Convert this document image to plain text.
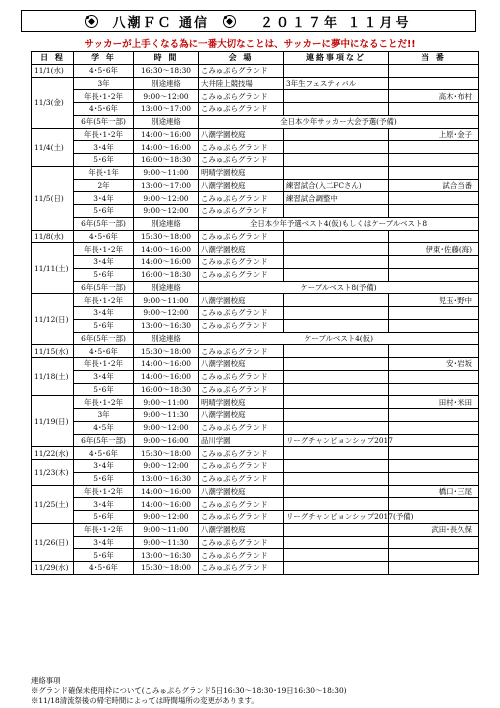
八潮ＦＣ 通信	２０１７年 １１月号
サッカーが上手くなる為に一番大切なことは、サッカーに夢中になることだ!!
日 程	学 年	時 間	会 場	連絡事項など	当 番
11/1(水)	4･5･6年	16:30～18:30	こみゅぷらグランド		
11/3(金)	3年	別途連絡	大井陸上競技場	3年生フェスティバル	
	年長･1･2年	9:00～12:00	こみゅぷらグランド		高木･布村
	4･5･6年	13:00～17:00	こみゅぷらグランド		
	6年(5年一部)	別途連絡	全日本少年サッカー大会予選(予備)		
11/4(土)	年長･1･2年	14:00～16:00	八潮学園校庭		上原･金子
	3･4年	14:00～16:00	こみゅぷらグランド		
	5･6年	16:00～18:30	こみゅぷらグランド		
11/5(日)	年長･1年	9:00～11:00	明晴学園校庭		
	2年	13:00～17:00	八潮学園校庭	練習試合(入二FCさん)	試合当番
	3･4年	9:00～12:00	こみゅぷらグランド	練習試合調整中	
	5･6年	9:00～12:00	こみゅぷらグランド		
	6年(5年一部)	別途連絡	全日本少年予選ベスト4(仮)もしくはケーブルベスト8		
11/8(水)	4･5･6年	15:30～18:00	こみゅぷらグランド		
11/11(土)	年長･1･2年	14:00～16:00	八潮学園校庭		伊東･佐藤(海)
	3･4年	14:00～16:00	こみゅぷらグランド		
	5･6年	16:00～18:30	こみゅぷらグランド		
	6年(5年一部)	別途連絡	ケーブルベスト8(予備)		
11/12(日)	年長･1･2年	9:00～11:00	八潮学園校庭		児玉･野中
	3･4年	9:00～12:00	こみゅぷらグランド		
	5･6年	13:00～16:30	こみゅぷらグランド		
	6年(5年一部)	別途連絡	ケーブルベスト4(仮)		
11/15(水)	4･5･6年	15:30～18:00	こみゅぷらグランド		
11/18(土)	年長･1･2年	14:00～16:00	八潮学園校庭		安･岩坂
	3･4年	14:00～16:00	こみゅぷらグランド		
	5･6年	16:00～18:30	こみゅぷらグランド		
11/19(日)	年長･1･2年	9:00～11:00	明晴学園校庭		田村･米田
	3年	9:00～11:30	八潮学園校庭		
	4･5年	9:00～12:00	こみゅぷらグランド		
	6年(5年一部)	9:00～16:00	品川学園	リーグチャンピョンシップ2017	
11/22(水)	4･5･6年	15:30～18:00	こみゅぷらグランド		
11/23(木)	3･4年	9:00～12:00	こみゅぷらグランド		
	5･6年	13:00～16:30	こみゅぷらグランド		
11/25(土)	年長･1･2年	14:00～16:00	八潮学園校庭		橋口･三尾
	3･4年	14:00～16:00	こみゅぷらグランド		
	5･6年	9:00～12:00	こみゅぷらグランド	リーグチャンピョンシップ2017(予備)	
11/26(日)	年長･1･2年	9:00～11:00	八潮学園校庭		武田･長久保
	3･4年	9:00～11:30	こみゅぷらグランド		
	5･6年	13:00～16:30	こみゅぷらグランド		
11/29(水)	4･5･6年	15:30～18:00	こみゅぷらグランド		
連絡事項
※グランド確保未使用枠について(こみゅぷらグランド5日16:30～18:30･19日16:30～18:30)
※11/18清流祭後の帰宅時間によっては時間場所の変更があります。
